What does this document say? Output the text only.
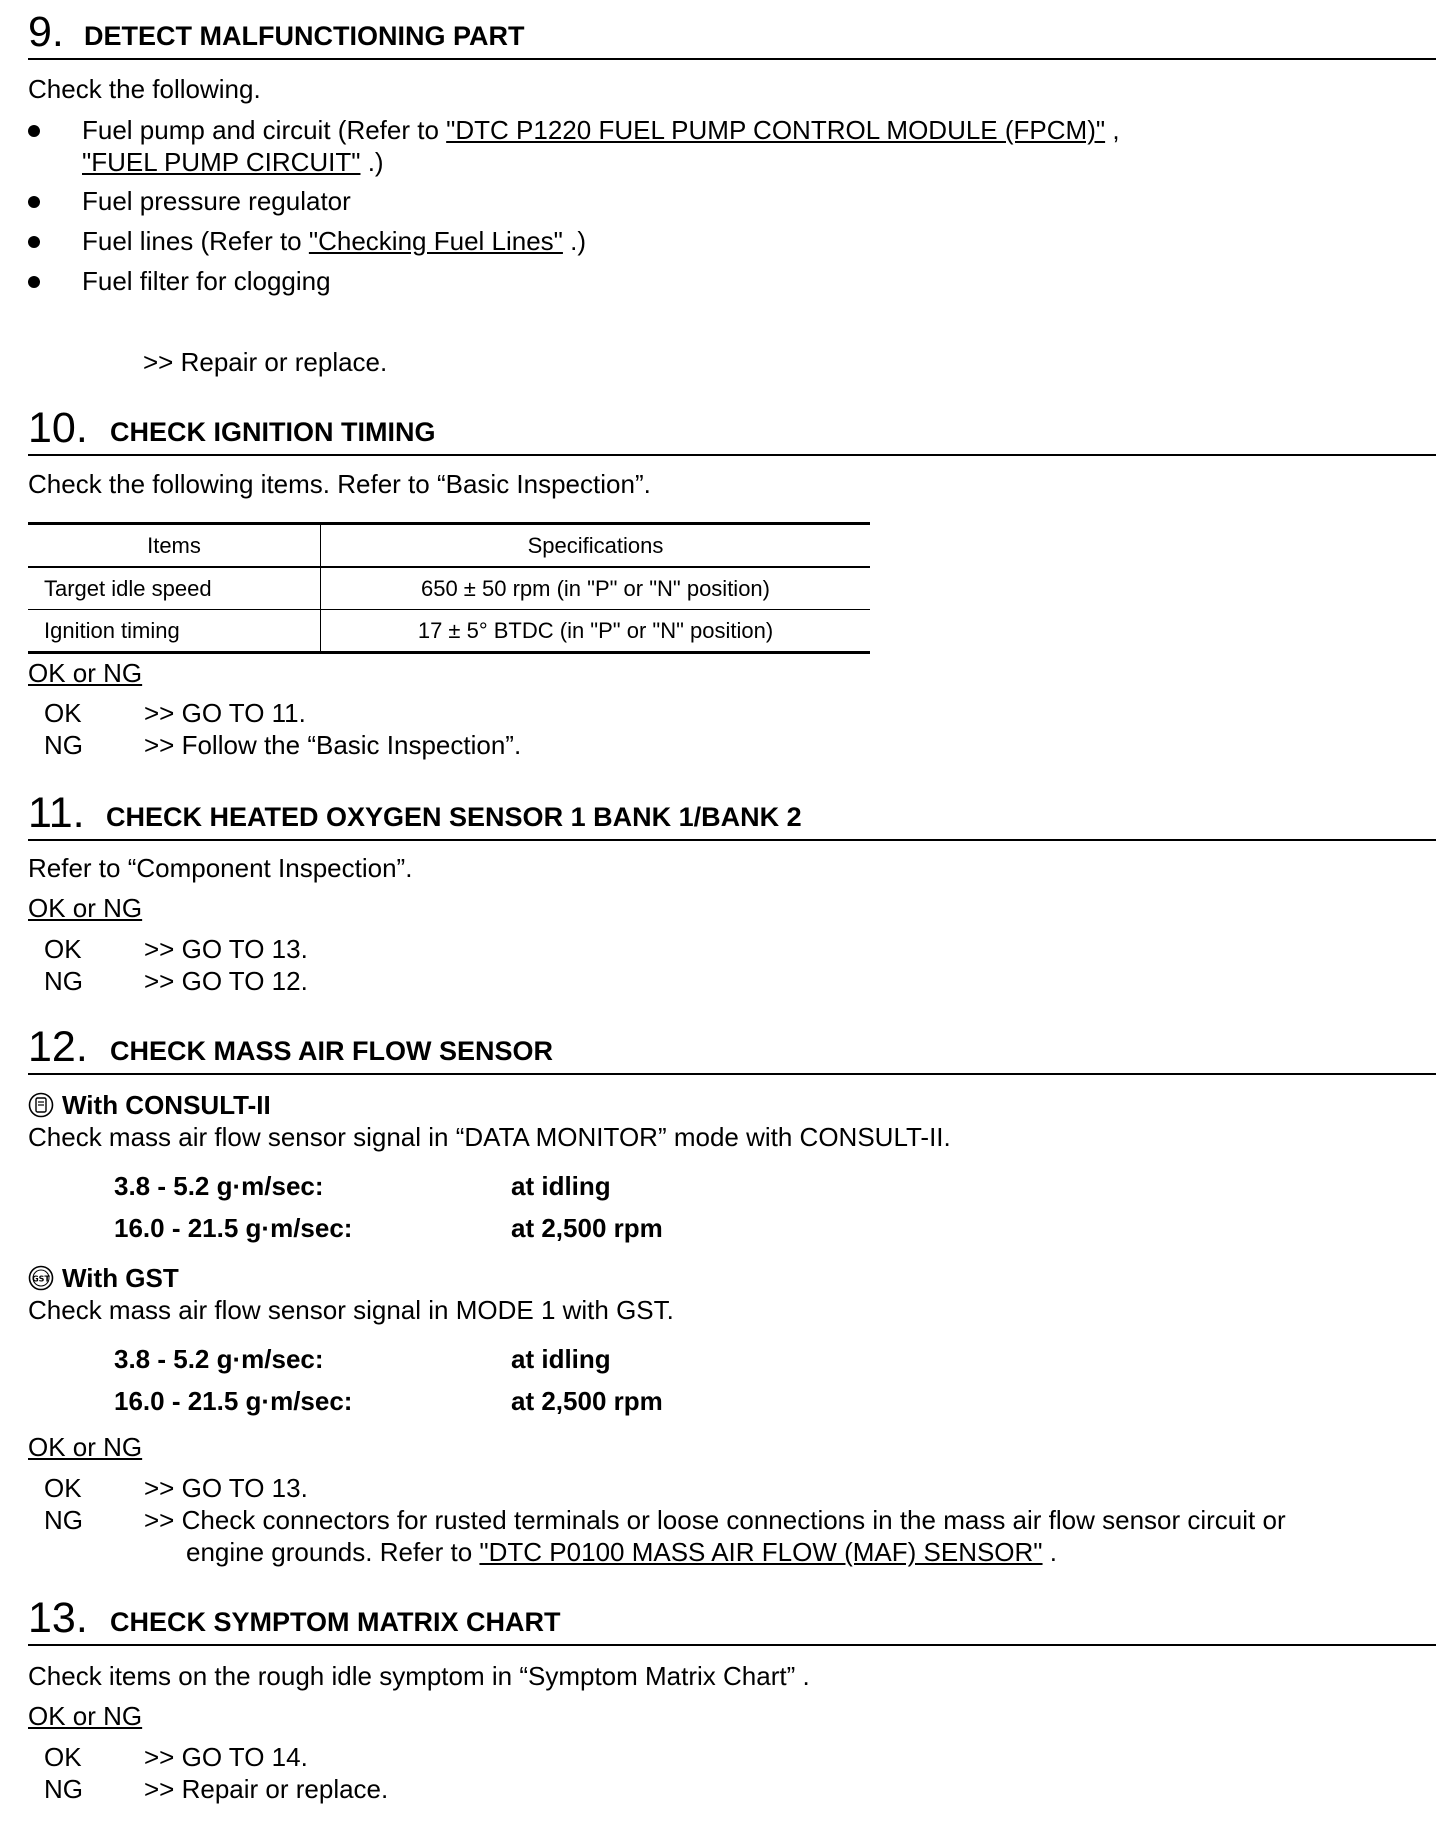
9. DETECT MALFUNCTIONING PART

Check the following.

Fuel pump and circuit (Refer to "DTC P1220 FUEL PUMP CONTROL MODULE (FPCM)" ,
"FUEL PUMP CIRCUIT" .)
Fuel pressure regulator
Fuel lines (Refer to "Checking Fuel Lines" .)
Fuel filter for clogging

>> Repair or replace.

10. CHECK IGNITION TIMING

Check the following items. Refer to “Basic Inspection”.

Items	Specifications
Target idle speed	650 ± 50 rpm (in "P" or "N" position)
Ignition timing	17 ± 5° BTDC (in "P" or "N" position)

OK or NG

OK >> GO TO 11.
NG >> Follow the “Basic Inspection”.
11. CHECK HEATED OXYGEN SENSOR 1 BANK 1/BANK 2

Refer to “Component Inspection”.

OK or NG

OK >> GO TO 13.
NG >> GO TO 12.
12. CHECK MASS AIR FLOW SENSOR
With CONSULT-II

Check mass air flow sensor signal in “DATA MONITOR” mode with CONSULT-II.

3.8 - 5.2 g·m/sec:	at idling
16.0 - 21.5 g·m/sec:	at 2,500 rpm
GST With GST

Check mass air flow sensor signal in MODE 1 with GST.

3.8 - 5.2 g·m/sec:	at idling
16.0 - 21.5 g·m/sec:	at 2,500 rpm

OK or NG

OK >> GO TO 13.
NG >> Check connectors for rusted terminals or loose connections in the mass air flow sensor circuit or
engine grounds. Refer to "DTC P0100 MASS AIR FLOW (MAF) SENSOR" .
13. CHECK SYMPTOM MATRIX CHART

Check items on the rough idle symptom in “Symptom Matrix Chart” .

OK or NG

OK >> GO TO 14.
NG >> Repair or replace.
